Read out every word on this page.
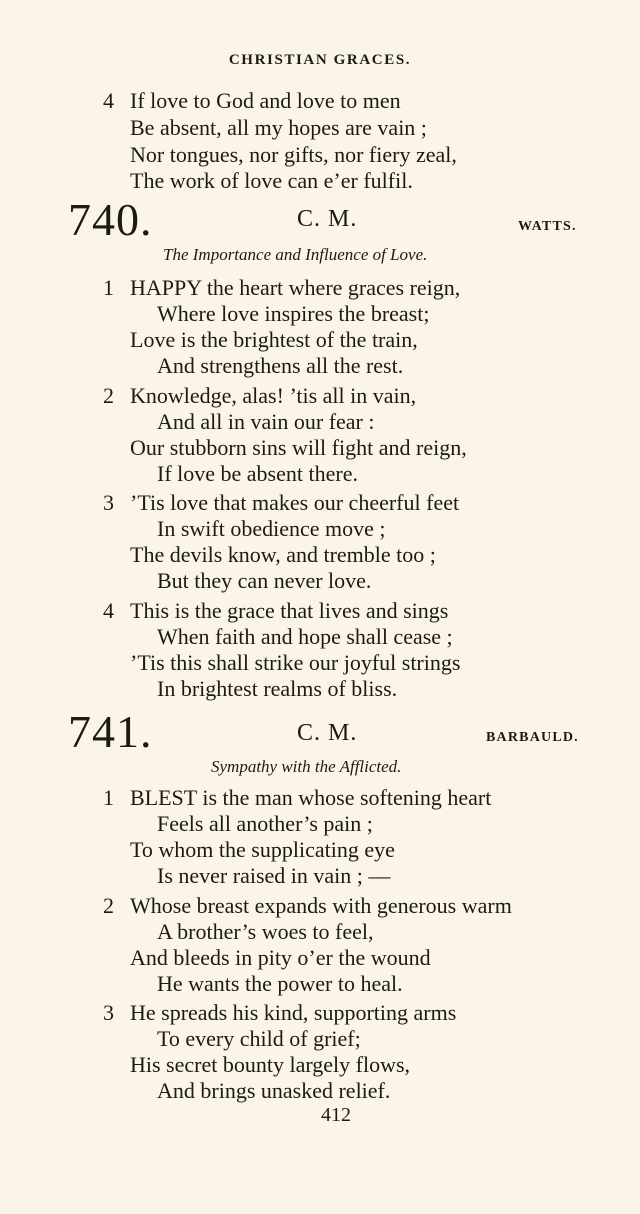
CHRISTIAN GRACES.
4 If love to God and love to men
Be absent, all my hopes are vain ;
Nor tongues, nor gifts, nor fiery zeal,
The work of love can e’er fulfil.
740.	C. M.	WATTS.
The Importance and Influence of Love.
1 HAPPY the heart where graces reign,
Where love inspires the breast;
Love is the brightest of the train,
And strengthens all the rest.
2 Knowledge, alas! ’tis all in vain,
And all in vain our fear :
Our stubborn sins will fight and reign,
If love be absent there.
3 ’Tis love that makes our cheerful feet
In swift obedience move ;
The devils know, and tremble too ;
But they can never love.
4 This is the grace that lives and sings
When faith and hope shall cease ;
’Tis this shall strike our joyful strings
In brightest realms of bliss.
741.	C. M.	BARBAULD.
Sympathy with the Afflicted.
1 BLEST is the man whose softening heart
Feels all another’s pain ;
To whom the supplicating eye
Is never raised in vain ; —
2 Whose breast expands with generous warm
A brother’s woes to feel,
And bleeds in pity o’er the wound
He wants the power to heal.
3 He spreads his kind, supporting arms
To every child of grief;
His secret bounty largely flows,
And brings unasked relief.
412
